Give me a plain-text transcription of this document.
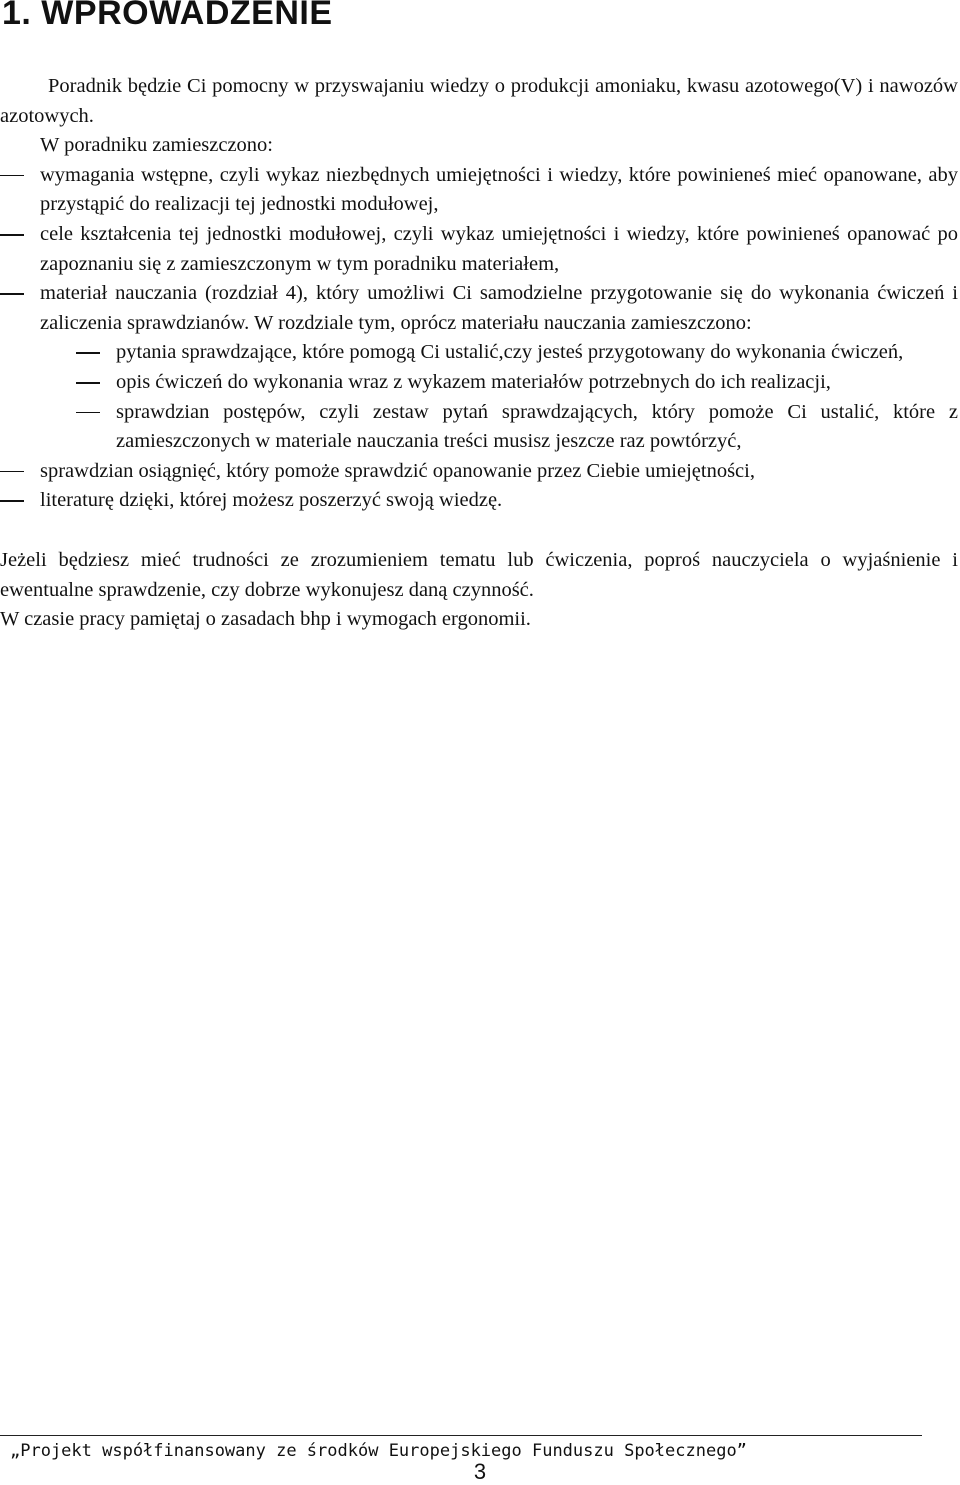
1. WPROWADZENIE

Poradnik będzie Ci pomocny w przyswajaniu wiedzy o produkcji amoniaku, kwasu azotowego(V) i nawozów azotowych.

W poradniku zamieszczono:

wymagania wstępne, czyli wykaz niezbędnych umiejętności i wiedzy, które powinieneś mieć opanowane, aby przystąpić do realizacji tej jednostki modułowej,
cele kształcenia tej jednostki modułowej, czyli wykaz umiejętności i wiedzy, które powinieneś opanować po zapoznaniu się z zamieszczonym w tym poradniku materiałem,
materiał nauczania (rozdział 4), który umożliwi Ci samodzielne przygotowanie się do wykonania ćwiczeń i zaliczenia sprawdzianów. W rozdziale tym, oprócz materiału nauczania zamieszczono:
pytania sprawdzające, które pomogą Ci ustalić,czy jesteś przygotowany do wykonania ćwiczeń,
opis ćwiczeń do wykonania wraz z wykazem materiałów potrzebnych do ich realizacji,
sprawdzian postępów, czyli zestaw pytań sprawdzających, który pomoże Ci ustalić, które z zamieszczonych w materiale nauczania treści musisz jeszcze raz powtórzyć,
sprawdzian osiągnięć, który pomoże sprawdzić opanowanie przez Ciebie umiejętności,
literaturę dzięki, której możesz poszerzyć swoją wiedzę.

Jeżeli będziesz mieć trudności ze zrozumieniem tematu lub ćwiczenia, poproś nauczyciela o wyjaśnienie i ewentualne sprawdzenie, czy dobrze wykonujesz daną czynność.

W czasie pracy pamiętaj o zasadach bhp i wymogach ergonomii.

„Projekt współfinansowany ze środków Europejskiego Funduszu Społecznego”
3
